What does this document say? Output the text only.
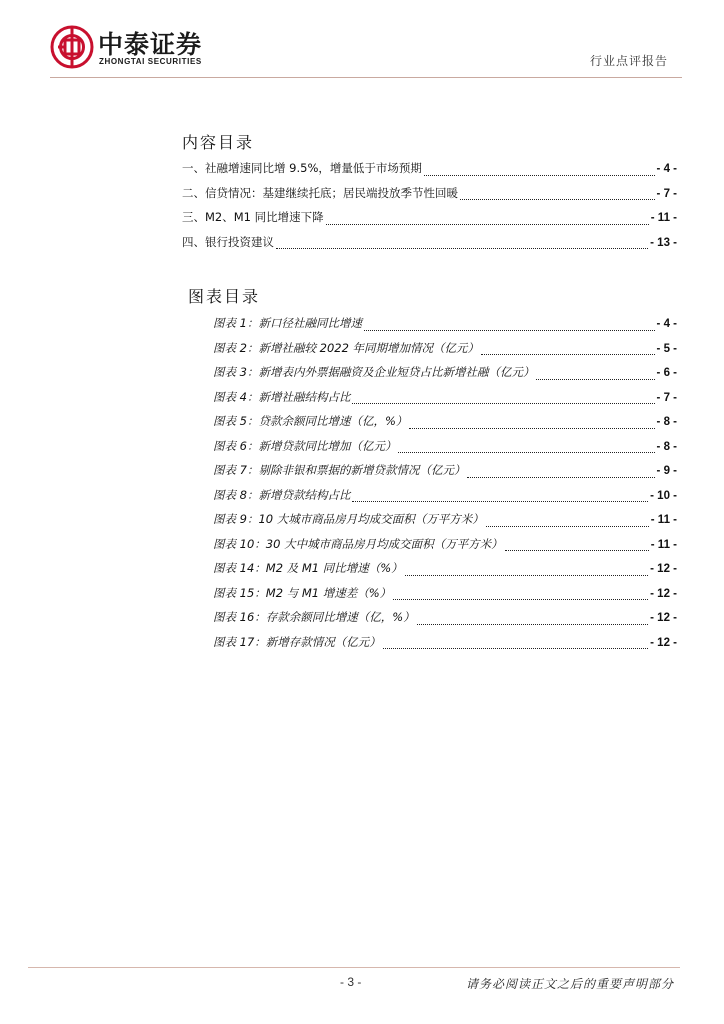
中泰证券
ZHONGTAI SECURITIES	行业点评报告
内容目录
一、社融增速同比增 9.5%，增量低于市场预期	- 4 -
二、信贷情况：基建继续托底；居民端投放季节性回暖	- 7 -
三、M2、M1 同比增速下降	- 11 -
四、银行投资建议	- 13 -
图表目录
图表 1：新口径社融同比增速	- 4 -
图表 2：新增社融较 2022 年同期增加情况（亿元）	- 5 -
图表 3：新增表内外票据融资及企业短贷占比新增社融（亿元）	- 6 -
图表 4：新增社融结构占比	- 7 -
图表 5：贷款余额同比增速（亿，%）	- 8 -
图表 6：新增贷款同比增加（亿元）	- 8 -
图表 7：剔除非银和票据的新增贷款情况（亿元）	- 9 -
图表 8：新增贷款结构占比	- 10 -
图表 9：10 大城市商品房月均成交面积（万平方米）	- 11 -
图表 10：30 大中城市商品房月均成交面积（万平方米）	- 11 -
图表 14：M2 及 M1 同比增速（%）	- 12 -
图表 15：M2 与 M1 增速差（%）	- 12 -
图表 16：存款余额同比增速（亿，%）	- 12 -
图表 17：新增存款情况（亿元）	- 12 -
- 3 -	请务必阅读正文之后的重要声明部分
